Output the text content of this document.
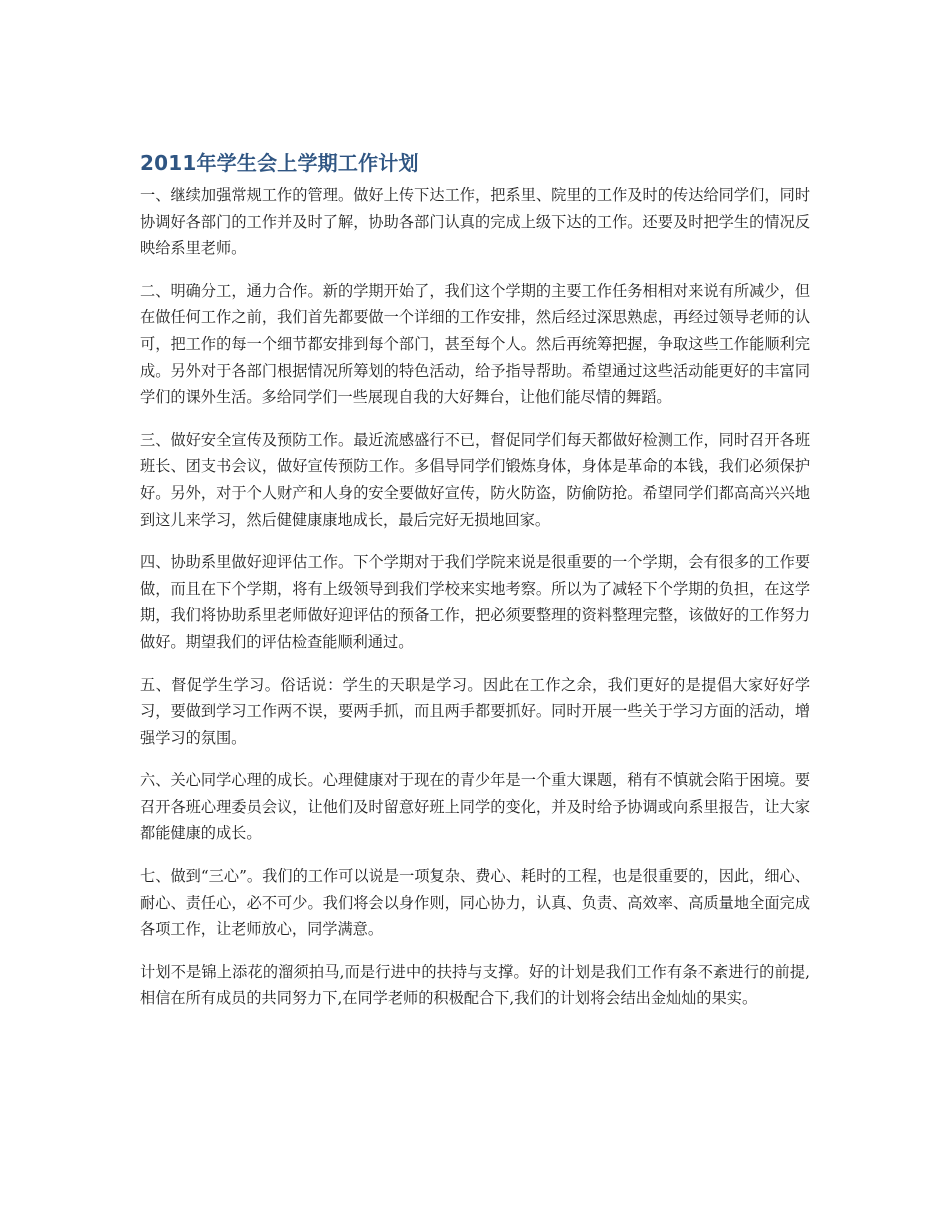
2011年学生会上学期工作计划

一、继续加强常规工作的管理。做好上传下达工作，把系里、院里的工作及时的传达给同学们，同时协调好各部门的工作并及时了解，协助各部门认真的完成上级下达的工作。还要及时把学生的情况反映给系里老师。

二、明确分工，通力合作。新的学期开始了，我们这个学期的主要工作任务相相对来说有所减少，但在做任何工作之前，我们首先都要做一个详细的工作安排，然后经过深思熟虑，再经过领导老师的认可，把工作的每一个细节都安排到每个部门，甚至每个人。然后再统筹把握，争取这些工作能顺利完成。另外对于各部门根据情况所筹划的特色活动，给予指导帮助。希望通过这些活动能更好的丰富同学们的课外生活。多给同学们一些展现自我的大好舞台，让他们能尽情的舞蹈。

三、做好安全宣传及预防工作。最近流感盛行不已，督促同学们每天都做好检测工作，同时召开各班班长、团支书会议，做好宣传预防工作。多倡导同学们锻炼身体，身体是革命的本钱，我们必须保护好。另外，对于个人财产和人身的安全要做好宣传，防火防盗，防偷防抢。希望同学们都高高兴兴地到这儿来学习，然后健健康康地成长，最后完好无损地回家。

四、协助系里做好迎评估工作。下个学期对于我们学院来说是很重要的一个学期，会有很多的工作要做，而且在下个学期，将有上级领导到我们学校来实地考察。所以为了减轻下个学期的负担，在这学期，我们将协助系里老师做好迎评估的预备工作，把必须要整理的资料整理完整，该做好的工作努力做好。期望我们的评估检查能顺利通过。

五、督促学生学习。俗话说：学生的天职是学习。因此在工作之余，我们更好的是提倡大家好好学习，要做到学习工作两不误，要两手抓，而且两手都要抓好。同时开展一些关于学习方面的活动，增强学习的氛围。

六、关心同学心理的成长。心理健康对于现在的青少年是一个重大课题，稍有不慎就会陷于困境。要召开各班心理委员会议，让他们及时留意好班上同学的变化，并及时给予协调或向系里报告，让大家都能健康的成长。

七、做到“三心”。我们的工作可以说是一项复杂、费心、耗时的工程，也是很重要的，因此，细心、耐心、责任心，必不可少。我们将会以身作则，同心协力，认真、负责、高效率、高质量地全面完成各项工作，让老师放心，同学满意。

计划不是锦上添花的溜须拍马,而是行进中的扶持与支撑。好的计划是我们工作有条不紊进行的前提,相信在所有成员的共同努力下,在同学老师的积极配合下,我们的计划将会结出金灿灿的果实。
